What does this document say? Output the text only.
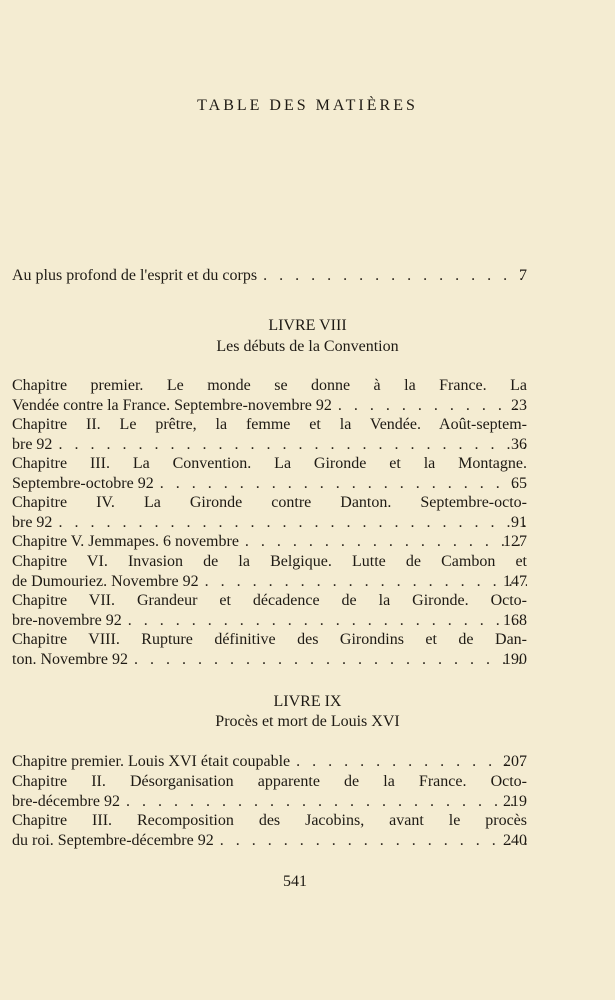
TABLE DES MATIÈRES
Au plus profond de l'esprit et du corps . . .	7
LIVRE VIII
Les débuts de la Convention
Chapitre premier. Le monde se donne à la France. La
Vendée contre la France. Septembre-novembre 92 . . .	23
Chapitre II. Le prêtre, la femme et la Vendée. Août-septem-
bre 92 . . .	36
Chapitre III. La Convention. La Gironde et la Montagne.
Septembre-octobre 92 . . .	65
Chapitre IV. La Gironde contre Danton. Septembre-octo-
bre 92 . . .	91
Chapitre V. Jemmapes. 6 novembre . . .	127
Chapitre VI. Invasion de la Belgique. Lutte de Cambon et
de Dumouriez. Novembre 92 . . .	147
Chapitre VII. Grandeur et décadence de la Gironde. Octo-
bre-novembre 92 . . .	168
Chapitre VIII. Rupture définitive des Girondins et de Dan-
ton. Novembre 92 . . .	190
LIVRE IX
Procès et mort de Louis XVI
Chapitre premier. Louis XVI était coupable . . .	207
Chapitre II. Désorganisation apparente de la France. Octo-
bre-décembre 92 . . .	219
Chapitre III. Recomposition des Jacobins, avant le procès
du roi. Septembre-décembre 92 . . .	240
541
